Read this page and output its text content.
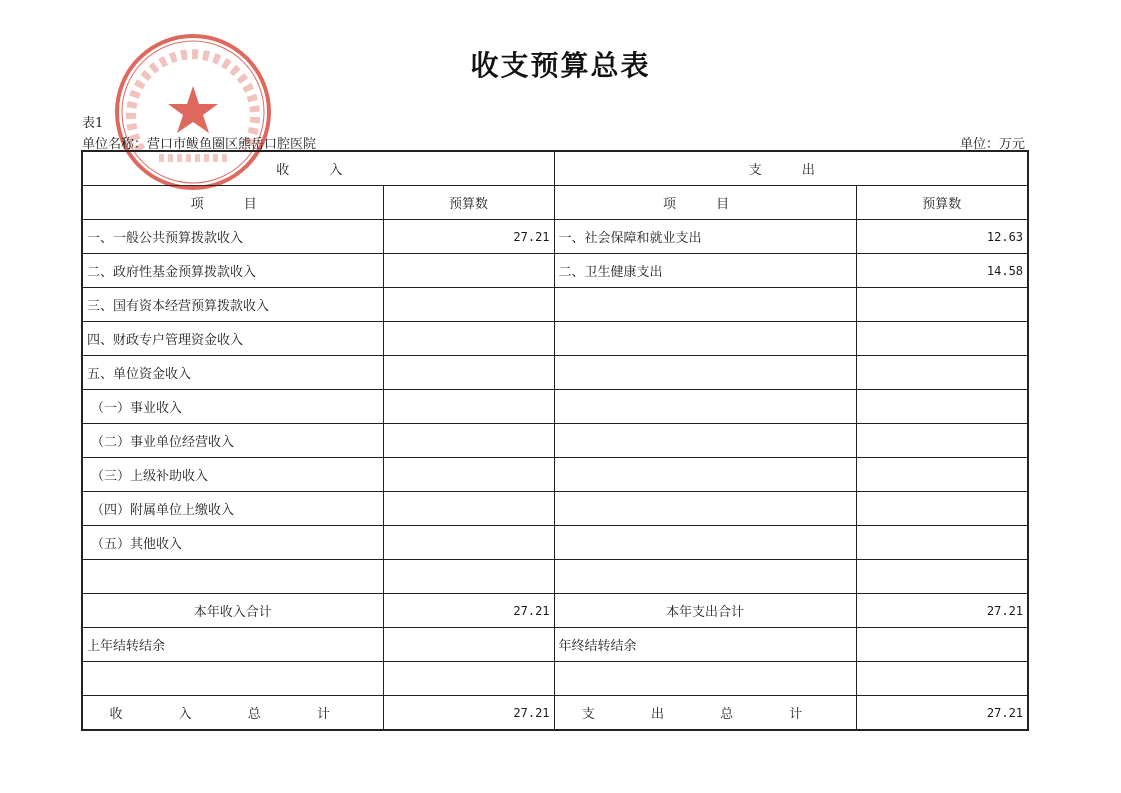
收支预算总表
表1
单位名称：营口市鲅鱼圈区熊岳口腔医院	单位：万元
收 入		支 出	
项 目	预算数	项 目	预算数
一、一般公共预算拨款收入	27.21	一、社会保障和就业支出	12.63
二、政府性基金预算拨款收入		二、卫生健康支出	14.58
三、国有资本经营预算拨款收入			
四、财政专户管理资金收入			
五、单位资金收入			
（一）事业收入			
（二）事业单位经营收入			
（三）上级补助收入			
（四）附属单位上缴收入			
（五）其他收入			

本年收入合计	27.21	本年支出合计	27.21
上年结转结余		年终结转结余	

收 入 总 计	27.21	支 出 总 计	27.21
